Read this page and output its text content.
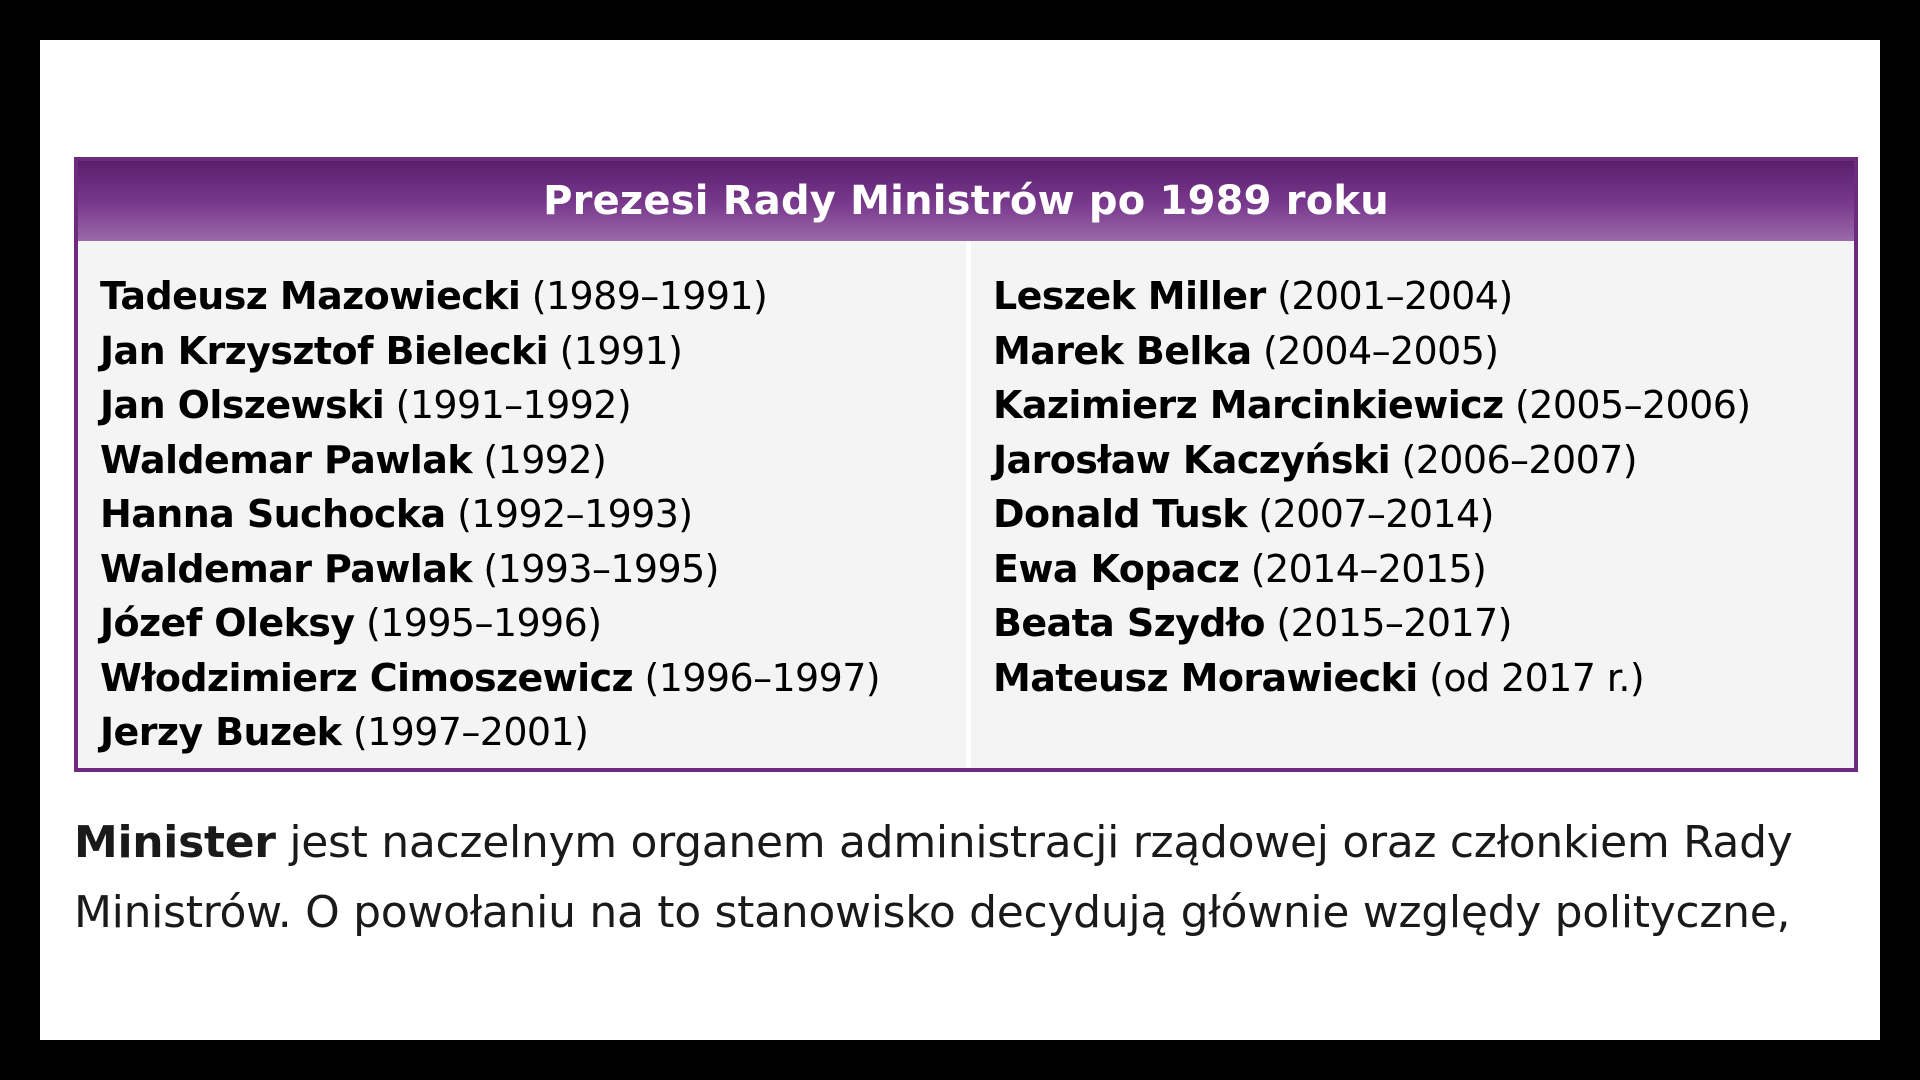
Prezesi Rady Ministrów po 1989 roku
Tadeusz Mazowiecki (1989–1991)
Jan Krzysztof Bielecki (1991)
Jan Olszewski (1991–1992)
Waldemar Pawlak (1992)
Hanna Suchocka (1992–1993)
Waldemar Pawlak (1993–1995)
Józef Oleksy (1995–1996)
Włodzimierz Cimoszewicz (1996–1997)
Jerzy Buzek (1997–2001)
Leszek Miller (2001–2004)
Marek Belka (2004–2005)
Kazimierz Marcinkiewicz (2005–2006)
Jarosław Kaczyński (2006–2007)
Donald Tusk (2007–2014)
Ewa Kopacz (2014–2015)
Beata Szydło (2015–2017)
Mateusz Morawiecki (od 2017 r.)
Minister jest naczelnym organem administracji rządowej oraz członkiem Rady
Ministrów. O powołaniu na to stanowisko decydują głównie względy polityczne,
